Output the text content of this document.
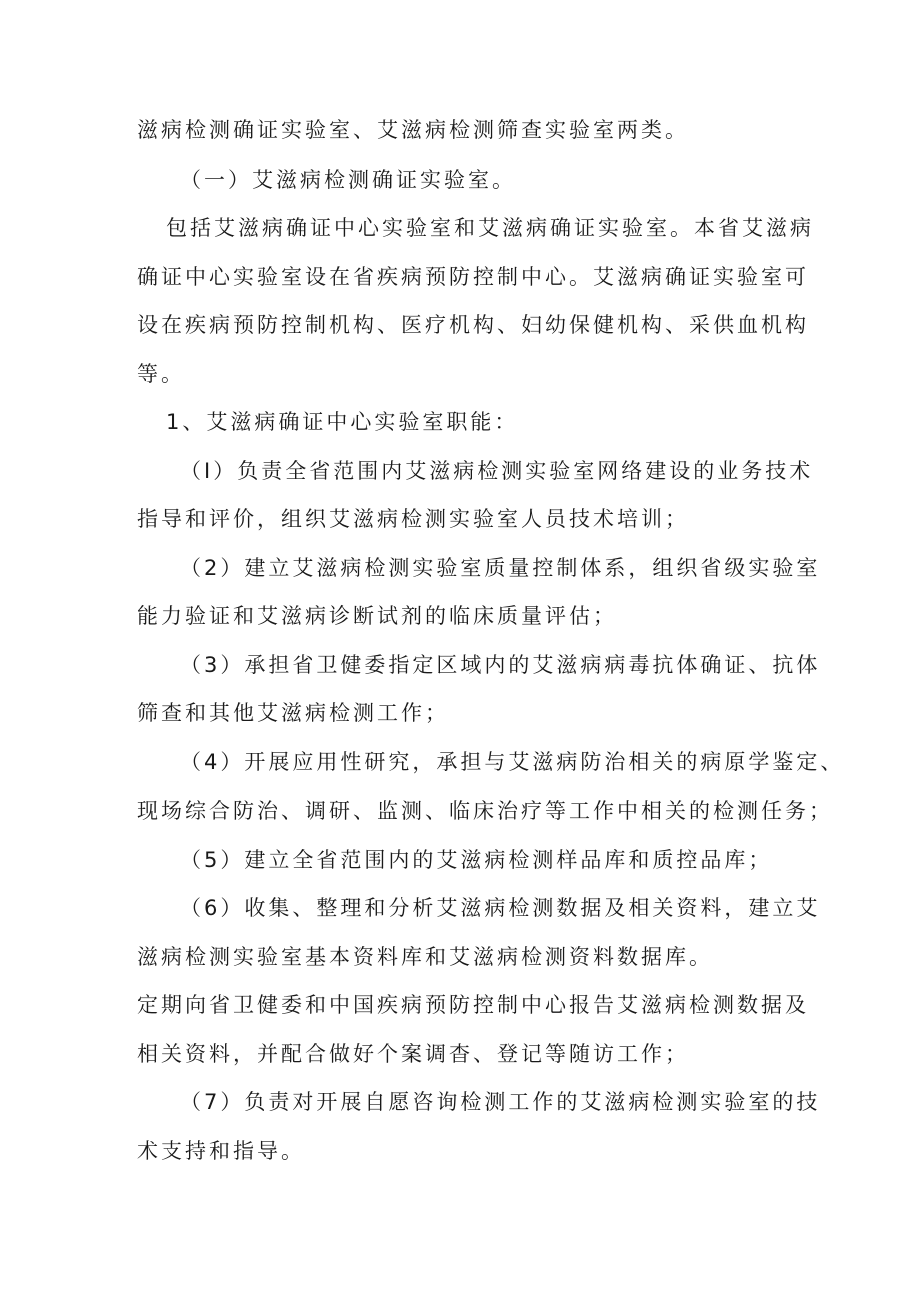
滋病检测确证实验室、艾滋病检测筛查实验室两类。
（一）艾滋病检测确证实验室。
包括艾滋病确证中心实验室和艾滋病确证实验室。本省艾滋病
确证中心实验室设在省疾病预防控制中心。艾滋病确证实验室可
设在疾病预防控制机构、医疗机构、妇幼保健机构、采供血机构
等。
1、艾滋病确证中心实验室职能：
（I）负责全省范围内艾滋病检测实验室网络建设的业务技术
指导和评价，组织艾滋病检测实验室人员技术培训；
（2）建立艾滋病检测实验室质量控制体系，组织省级实验室
能力验证和艾滋病诊断试剂的临床质量评估；
（3）承担省卫健委指定区域内的艾滋病病毒抗体确证、抗体
筛查和其他艾滋病检测工作；
（4）开展应用性研究，承担与艾滋病防治相关的病原学鉴定、
现场综合防治、调研、监测、临床治疗等工作中相关的检测任务；
（5）建立全省范围内的艾滋病检测样品库和质控品库；
（6）收集、整理和分析艾滋病检测数据及相关资料，建立艾
滋病检测实验室基本资料库和艾滋病检测资料数据库。
定期向省卫健委和中国疾病预防控制中心报告艾滋病检测数据及
相关资料，并配合做好个案调杳、登记等随访工作；
（7）负责对开展自愿咨询检测工作的艾滋病检测实验室的技
术支持和指导。
